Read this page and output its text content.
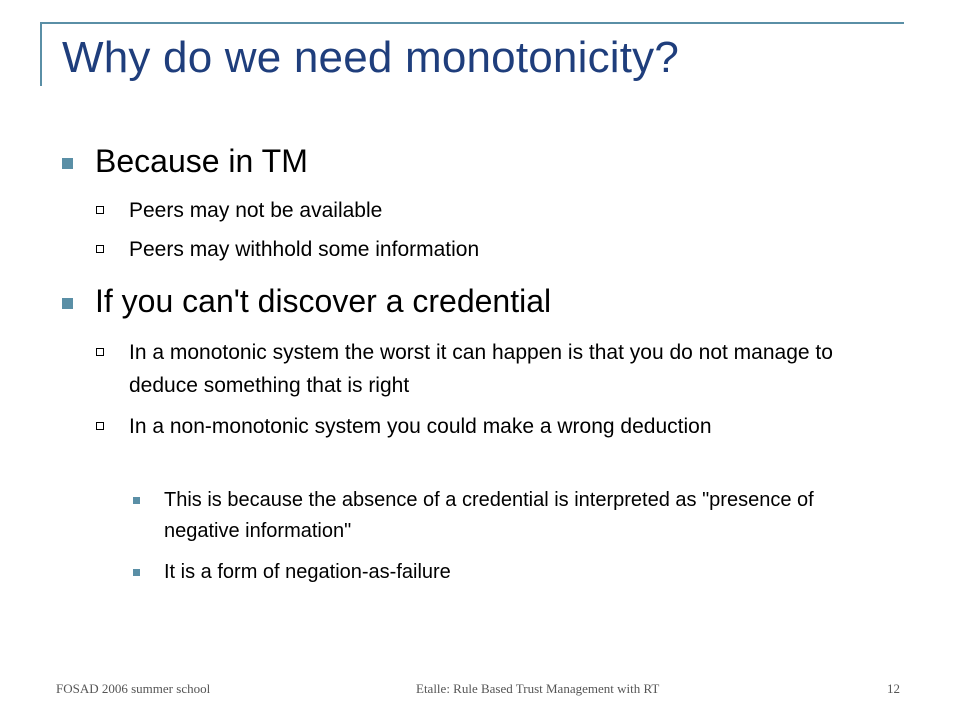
Why do we need monotonicity?
Because in TM
Peers may not be available
Peers may withhold some information
If you can't discover a credential
In a monotonic system the worst it can happen is that you do not manage to deduce something that is right
In a non-monotonic system you could make a wrong deduction
This is because the absence of a credential is interpreted as "presence of negative information"
It is a form of negation-as-failure
FOSAD 2006 summer school	Etalle: Rule Based Trust Management with RT	12
